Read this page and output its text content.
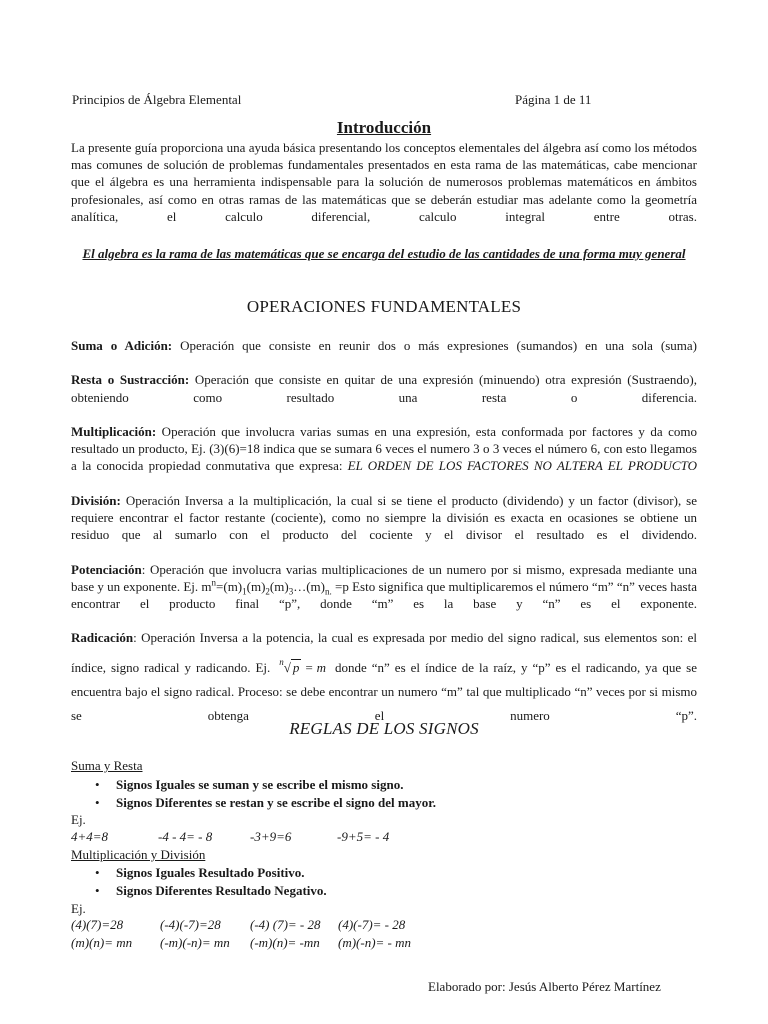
Principios de Álgebra Elemental	Página 1 de 11
Introducción
La presente guía proporciona una ayuda básica presentando los conceptos elementales del álgebra así como los métodos mas comunes de solución de problemas fundamentales presentados en esta rama de las matemáticas, cabe mencionar que el álgebra es una herramienta indispensable para la solución de numerosos problemas matemáticos en ámbitos profesionales, así como en otras ramas de las matemáticas que se deberán estudiar mas adelante como la geometría analítica, el calculo diferencial, calculo integral entre otras.
El algebra es la rama de las matemáticas que se encarga del estudio de las cantidades de una forma muy general
OPERACIONES FUNDAMENTALES

Suma o Adición: Operación que consiste en reunir dos o más expresiones (sumandos) en una sola (suma)

Resta o Sustracción: Operación que consiste en quitar de una expresión (minuendo) otra expresión (Sustraendo), obteniendo como resultado una resta o diferencia.

Multiplicación: Operación que involucra varias sumas en una expresión, esta conformada por factores y da como resultado un producto, Ej. (3)(6)=18 indica que se sumara 6 veces el numero 3 o 3 veces el número 6, con esto llegamos a la conocida propiedad conmutativa que expresa: EL ORDEN DE LOS FACTORES NO ALTERA EL PRODUCTO

División: Operación Inversa a la multiplicación, la cual si se tiene el producto (dividendo) y un factor (divisor), se requiere encontrar el factor restante (cociente), como no siempre la división es exacta en ocasiones se obtiene un residuo que al sumarlo con el producto del cociente y el divisor el resultado es el dividendo.

Potenciación: Operación que involucra varias multiplicaciones de un numero por si mismo, expresada mediante una base y un exponente. Ej. $m^n=(m)_1(m)_2(m)_3\dots(m)_{n.} =p$ Esto significa que multiplicaremos el número “m” “n” veces hasta encontrar el producto final “p”, donde “m” es la base y “n” es el exponente.

Radicación: Operación Inversa a la potencia, la cual es expresada por medio del signo radical, sus elementos son: el índice, signo radical y radicando. Ej. $^n$√ p = m donde “n” es el índice de la raíz, y “p” es el radicando, ya que se encuentra bajo el signo radical. Proceso: se debe encontrar un numero “m” tal que multiplicado “n” veces por si mismo se obtenga el numero “p”.

REGLAS DE LOS SIGNOS
Suma y Resta
• Signos Iguales se suman y se escribe el mismo signo.
• Signos Diferentes se restan y se escribe el signo del mayor.
Ej.
4+4=8	-4 - 4= - 8	-3+9=6	-9+5= - 4
Multiplicación y División
• Signos Iguales Resultado Positivo.
• Signos Diferentes Resultado Negativo.
Ej.
(4)(7)=28	(-4)(-7)=28 (-4) (7)= - 28 (4)(-7)= - 28
(m)(n)= mn (-m)(-n)= mn (-m)(n)= -mn (m)(-n)= - mn
Elaborado por: Jesús Alberto Pérez Martínez
